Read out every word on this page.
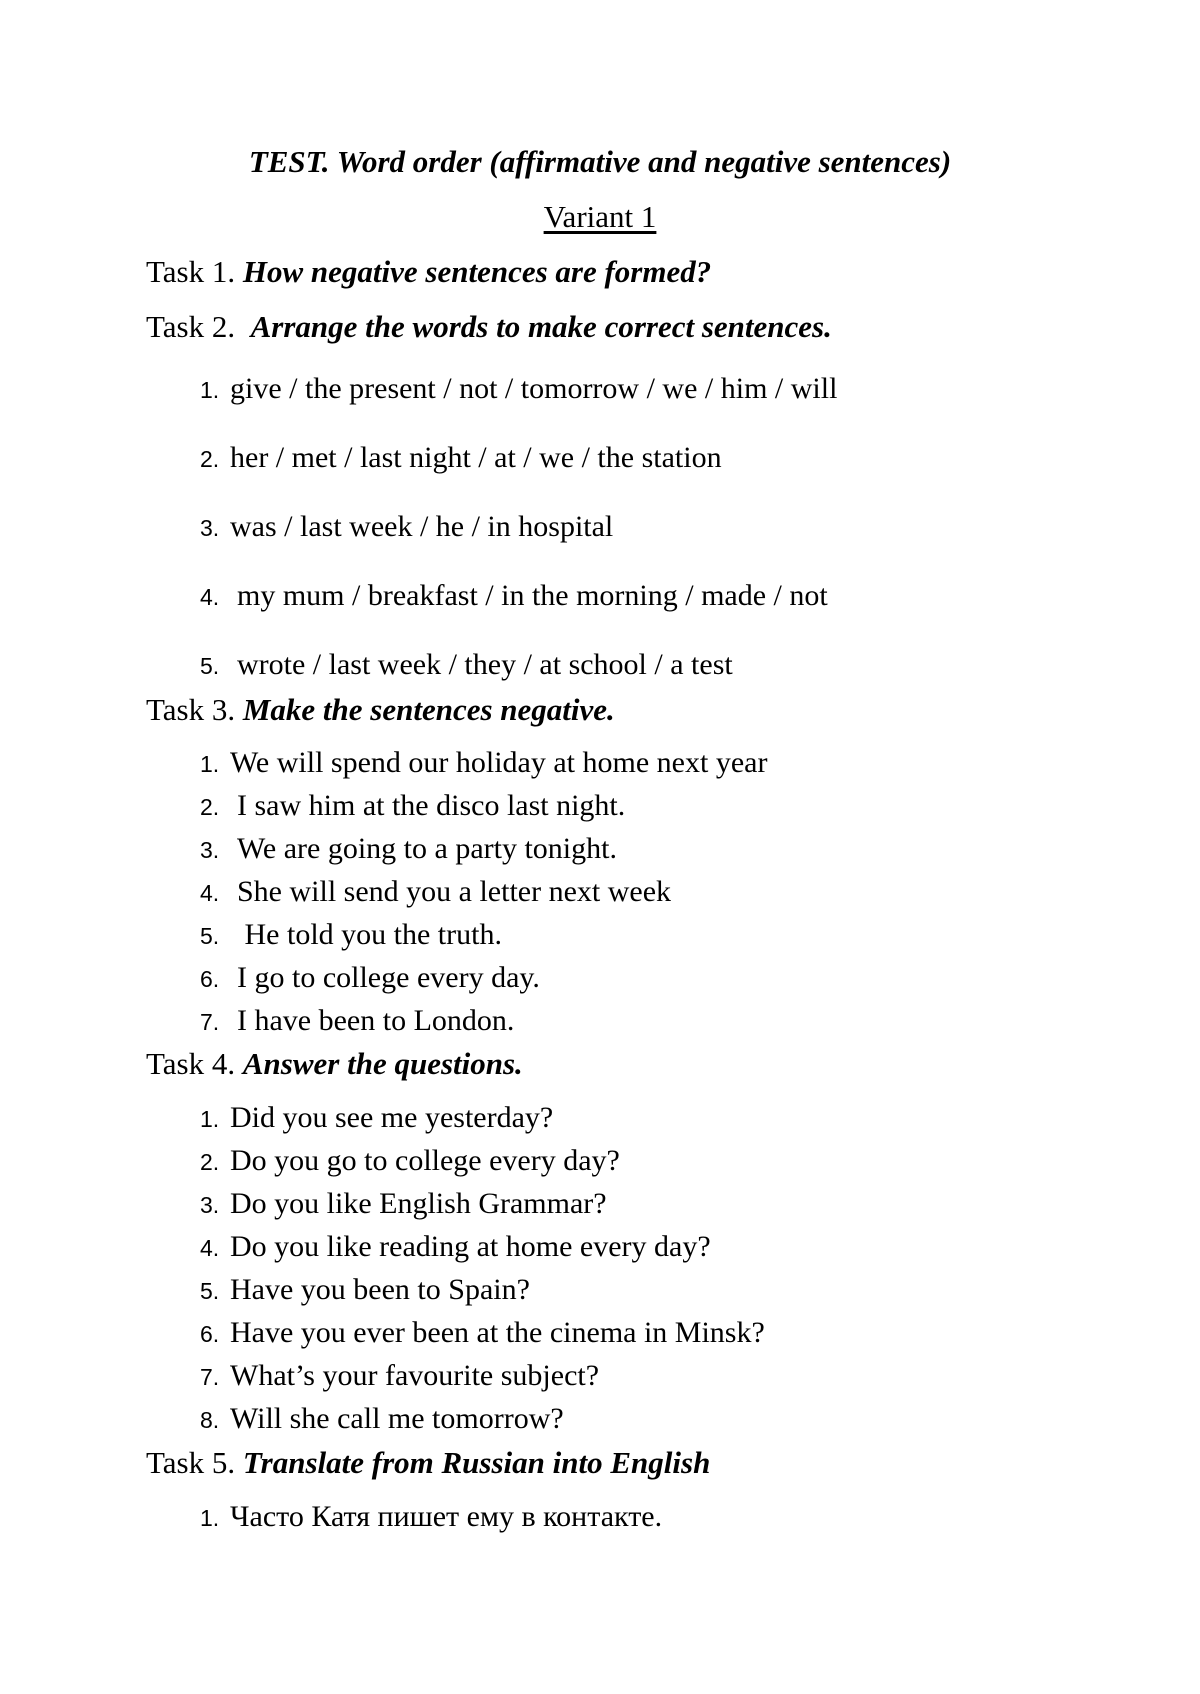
TEST. Word order (affirmative and negative sentences)
Variant 1
Task 1. How negative sentences are formed?
Task 2.  Arrange the words to make correct sentences.
1. give / the present / not / tomorrow / we / him / will
2. her / met / last night / at / we / the station
3. was / last week / he / in hospital
4. my mum / breakfast / in the morning / made / not
5. wrote / last week / they / at school / a test
Task 3. Make the sentences negative.
1. We will spend our holiday at home next year
2. I saw him at the disco last night.
3. We are going to a party tonight.
4. She will send you a letter next week
5. He told you the truth.
6. I go to college every day.
7. I have been to London.
Task 4. Answer the questions.
1. Did you see me yesterday?
2. Do you go to college every day?
3. Do you like English Grammar?
4. Do you like reading at home every day?
5. Have you been to Spain?
6. Have you ever been at the cinema in Minsk?
7. What’s your favourite subject?
8. Will she call me tomorrow?
Task 5. Translate from Russian into English
1. Часто Катя пишет ему в контакте.
